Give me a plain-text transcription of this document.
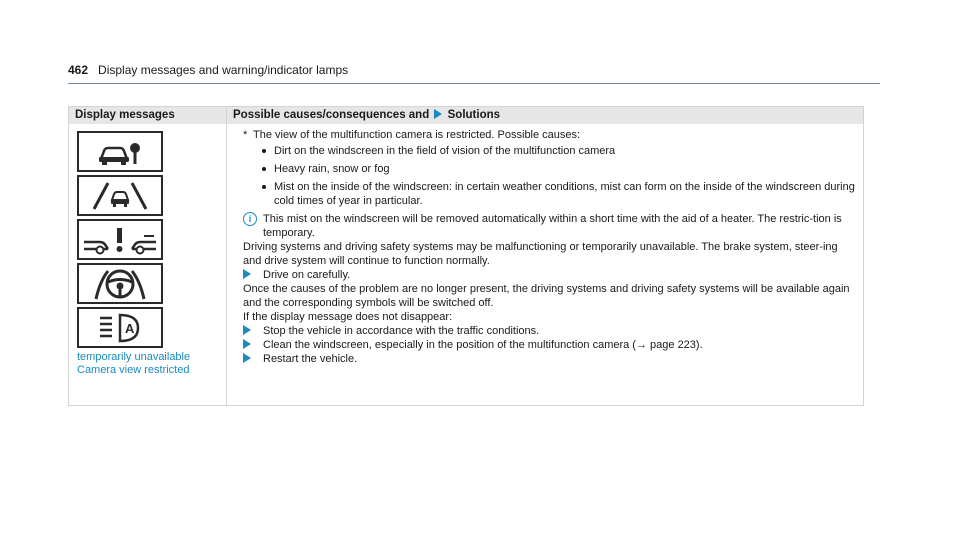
462 Display messages and warning/indicator lamps
Display messages	Possible causes/consequences and Solutions
A
temporarily unavailable
Camera view restricted

* The view of the multifunction camera is restricted. Possible causes:

Dirt on the windscreen in the field of vision of the multifunction camera
Heavy rain, snow or fog
Mist on the inside of the windscreen: in certain weather conditions, mist can form on the inside of the windscreen during cold times of year in particular.

i	This mist on the windscreen will be removed automatically within a short time with the aid of a heater. The restric-tion is temporary.

Driving systems and driving safety systems may be malfunctioning or temporarily unavailable. The brake system, steer-ing and drive system will continue to function normally.

Drive on carefully.

Once the causes of the problem are no longer present, the driving systems and driving safety systems will be available again and the corresponding symbols will be switched off.

If the display message does not disappear:

Stop the vehicle in accordance with the traffic conditions.

Clean the windscreen, especially in the position of the multifunction camera (→ page 223).

Restart the vehicle.
